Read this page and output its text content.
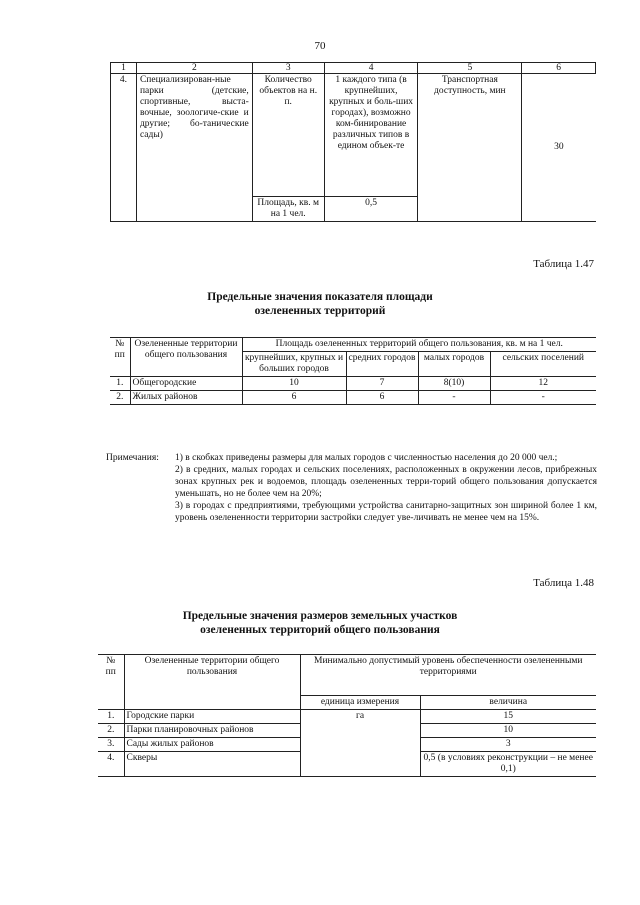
70
1	2	3	4	5	6
4.	Специализирован-ные парки (детские, спортивные, выста-вочные, зоологиче-ские и другие; бо-танические сады)	Количество объектов на н. п.	1 каждого типа (в крупнейших, крупных и боль-ших городах), возможно ком-бинирование различных типов в едином объек-те	Транспортная доступность, мин	30
		Площадь, кв. м на 1 чел.	0,5		
Таблица 1.47
Предельные значения показателя площади
озелененных территорий
№ пп	Озелененные территории общего пользования	Площадь озелененных территорий общего пользования, кв. м на 1 чел.			
		крупнейших, крупных и больших городов	средних городов	малых городов	сельских поселений
1.	Общегородские	10	7	8(10)	12
2.	Жилых районов	6	6	-	-
Примечания: 1) в скобках приведены размеры для малых городов с численностью населения до 20 000 чел.;

2) в средних, малых городах и сельских поселениях, расположенных в окружении лесов, прибрежных зонах крупных рек и водоемов, площадь озелененных терри-торий общего пользования допускается уменьшать, но не более чем на 20%;

3) в городах с предприятиями, требующими устройства санитарно-защитных зон шириной более 1 км, уровень озелененности территории застройки следует уве-личивать не менее чем на 15%.

Таблица 1.48
Предельные значения размеров земельных участков
озелененных территорий общего пользования
№ пп	Озелененные территории общего пользования	Минимально допустимый уровень обеспеченности озелененными территориями	
		единица измерения	величина
1.	Городские парки	га	15
2.	Парки планировочных районов		10
3.	Сады жилых районов		3
4.	Скверы		0,5 (в условиях реконструкции – не менее 0,1)
